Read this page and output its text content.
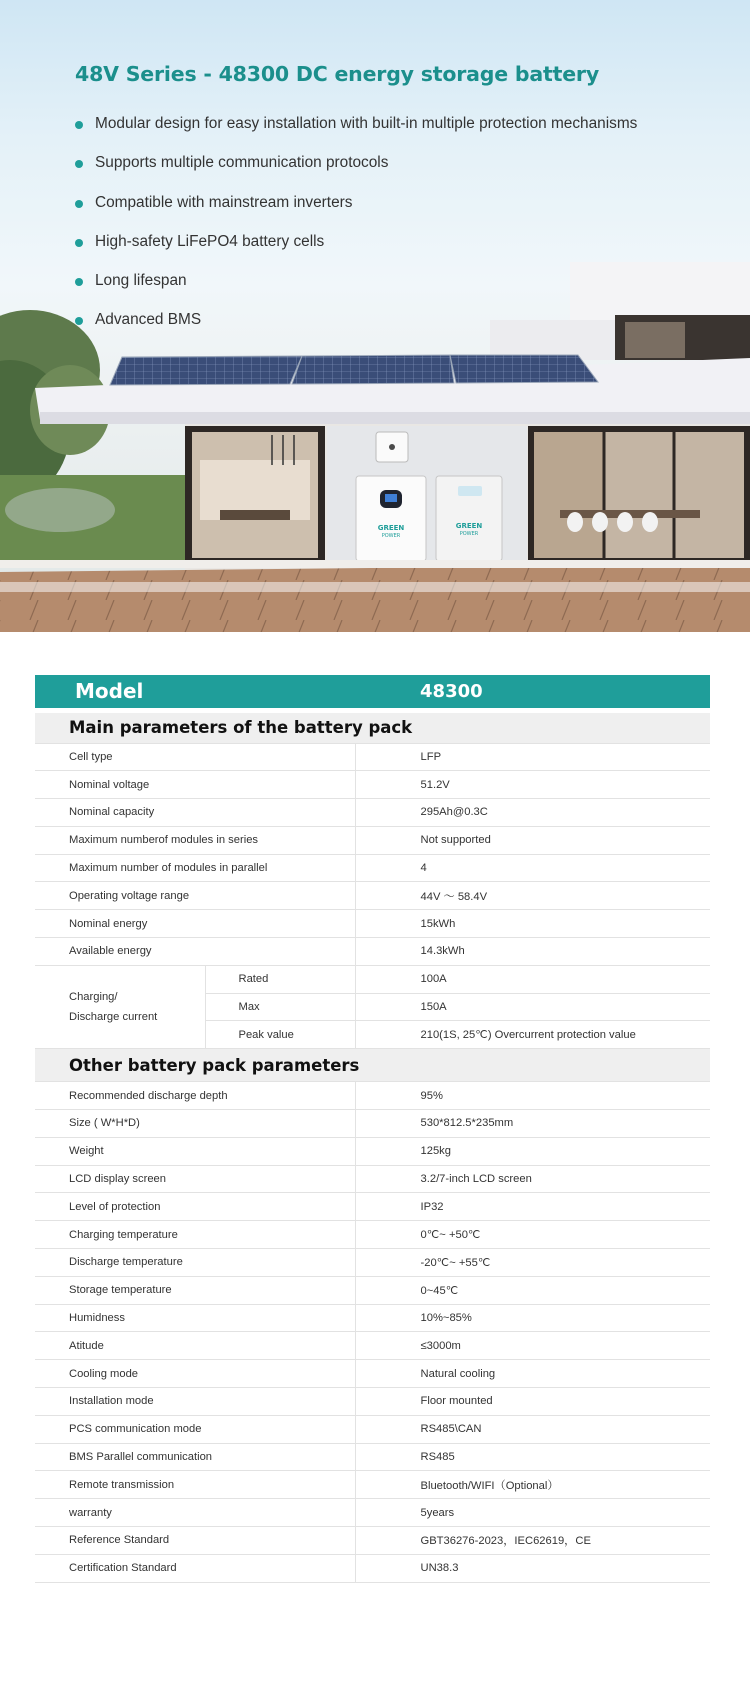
48V Series - 48300 DC energy storage battery
Modular design for easy installation with built-in multiple protection mechanisms
Supports multiple communication protocols
Compatible with mainstream inverters
High-safety LiFePO4 battery cells
Long lifespan
Advanced BMS
GREEN
POWER
GREEN
POWER
Model		48300
Main parameters of the battery pack		
Cell type		LFP
Nominal voltage		51.2V
Nominal capacity		295Ah@0.3C
Maximum numberof modules in series		Not supported
Maximum number of modules in parallel		4
Operating voltage range		44V ～ 58.4V
Nominal energy		15kWh
Available energy		14.3kWh
Charging/
Discharge current	Rated	100A
	Max	150A
	Peak value	210(1S, 25℃) Overcurrent protection value
Other battery pack parameters		
Recommended discharge depth		95%
Size ( W*H*D)		530*812.5*235mm
Weight		125kg
LCD display screen		3.2/7-inch LCD screen
Level of protection		IP32
Charging temperature		0℃~ +50℃
Discharge temperature		-20℃~ +55℃
Storage temperature		0~45℃
Humidness		10%~85%
Atitude		≤3000m
Cooling mode		Natural cooling
Installation mode		Floor mounted
PCS communication mode		RS485\CAN
BMS Parallel communication		RS485
Remote transmission		Bluetooth/WIFI（Optional）
warranty		5years
Reference Standard		GBT36276-2023，IEC62619，CE
Certification Standard		UN38.3
